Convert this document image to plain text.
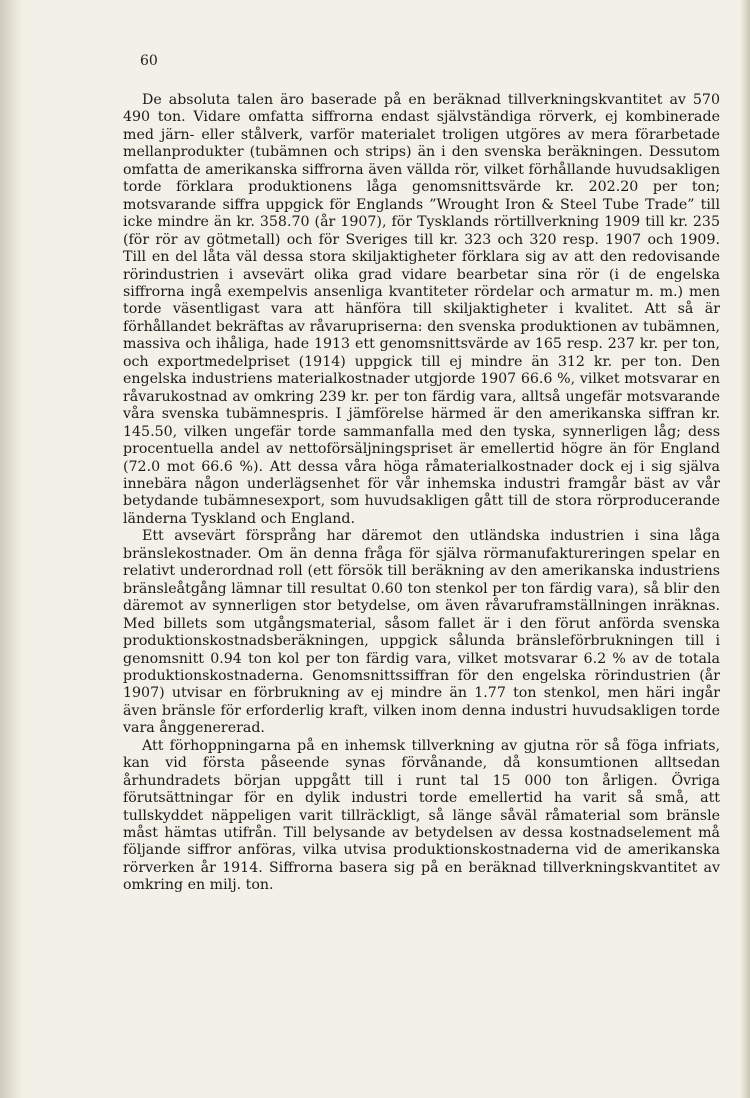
60

De absoluta talen äro baserade på en beräknad tillverkningskvantitet av 570 490 ton. Vidare omfatta siffrorna endast självständiga rörverk, ej kombinerade med järn- eller stålverk, varför materialet troligen utgöres av mera förarbetade mellanprodukter (tubämnen och strips) än i den svenska beräkningen. Dessutom omfatta de amerikanska siffrorna även vällda rör, vilket förhållande huvudsakligen torde förklara produktionens låga genomsnittsvärde kr. 202.20 per ton; motsvarande siffra uppgick för Englands ”Wrought Iron & Steel Tube Trade” till icke mindre än kr. 358.70 (år 1907), för Tysklands rörtillverkning 1909 till kr. 235 (för rör av götmetall) och för Sveriges till kr. 323 och 320 resp. 1907 och 1909. Till en del låta väl dessa stora skiljaktigheter förklara sig av att den redovisande rörindustrien i avsevärt olika grad vidare bearbetar sina rör (i de engelska siffrorna ingå exempelvis ansenliga kvantiteter rördelar och armatur m. m.) men torde väsentligast vara att hänföra till skiljaktigheter i kvalitet. Att så är förhållandet bekräftas av råvarupriserna: den svenska produktionen av tubämnen, massiva och ihåliga, hade 1913 ett genomsnittsvärde av 165 resp. 237 kr. per ton, och exportmedelpriset (1914) uppgick till ej mindre än 312 kr. per ton. Den engelska industriens materialkostnader utgjorde 1907 66.6 %, vilket motsvarar en råvarukostnad av omkring 239 kr. per ton färdig vara, alltså ungefär motsvarande våra svenska tubämnespris. I jämförelse härmed är den amerikanska siffran kr. 145.50, vilken ungefär torde sammanfalla med den tyska, synnerligen låg; dess procentuella andel av nettoförsäljningspriset är emellertid högre än för England (72.0 mot 66.6 %). Att dessa våra höga råmaterialkostnader dock ej i sig själva innebära någon underlägsenhet för vår inhemska industri framgår bäst av vår betydande tubämnesexport, som huvudsakligen gått till de stora rörproducerande länderna Tyskland och England.

Ett avsevärt försprång har däremot den utländska industrien i sina låga bränslekostnader. Om än denna fråga för själva rörmanufaktureringen spelar en relativt underordnad roll (ett försök till beräkning av den amerikanska industriens bränsleåtgång lämnar till resultat 0.60 ton stenkol per ton färdig vara), så blir den däremot av synnerligen stor betydelse, om även råvaruframställningen inräknas. Med billets som utgångsmaterial, såsom fallet är i den förut anförda svenska produktionskostnadsberäkningen, uppgick sålunda bränsleförbrukningen till i genomsnitt 0.94 ton kol per ton färdig vara, vilket motsvarar 6.2 % av de totala produktionskostnaderna. Genomsnittssiffran för den engelska rörindustrien (år 1907) utvisar en förbrukning av ej mindre än 1.77 ton stenkol, men häri ingår även bränsle för erforderlig kraft, vilken inom denna industri huvudsakligen torde vara ånggenererad.

Att förhoppningarna på en inhemsk tillverkning av gjutna rör så föga infriats, kan vid första påseende synas förvånande, då konsumtionen alltsedan århundradets början uppgått till i runt tal 15 000 ton årligen. Övriga förutsättningar för en dylik industri torde emellertid ha varit så små, att tullskyddet näppeligen varit tillräckligt, så länge såväl råmaterial som bränsle måst hämtas utifrån. Till belysande av betydelsen av dessa kostnadselement må följande siffror anföras, vilka utvisa produktionskostnaderna vid de amerikanska rörverken år 1914. Siffrorna basera sig på en beräknad tillverkningskvantitet av omkring en milj. ton.
